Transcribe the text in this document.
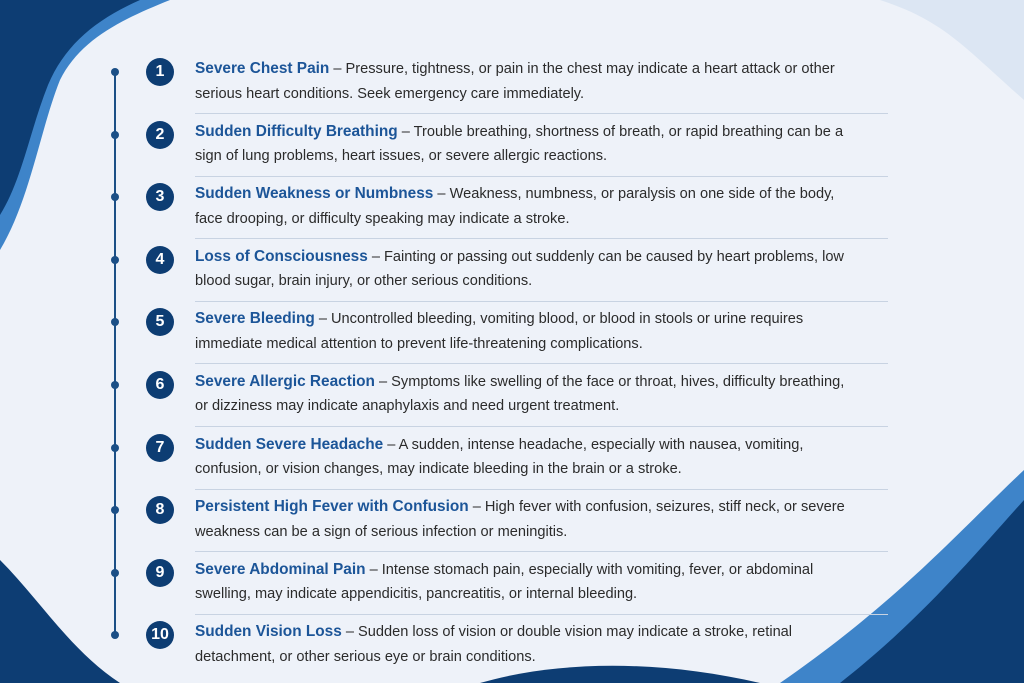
1	Severe Chest Pain – Pressure, tightness, or pain in the chest may indicate a heart attack or other serious heart conditions. Seek emergency care immediately.
2	Sudden Difficulty Breathing – Trouble breathing, shortness of breath, or rapid breathing can be a sign of lung problems, heart issues, or severe allergic reactions.
3	Sudden Weakness or Numbness – Weakness, numbness, or paralysis on one side of the body, face drooping, or difficulty speaking may indicate a stroke.
4	Loss of Consciousness – Fainting or passing out suddenly can be caused by heart problems, low blood sugar, brain injury, or other serious conditions.
5	Severe Bleeding – Uncontrolled bleeding, vomiting blood, or blood in stools or urine requires immediate medical attention to prevent life-threatening complications.
6	Severe Allergic Reaction – Symptoms like swelling of the face or throat, hives, difficulty breathing, or dizziness may indicate anaphylaxis and need urgent treatment.
7	Sudden Severe Headache – A sudden, intense headache, especially with nausea, vomiting, confusion, or vision changes, may indicate bleeding in the brain or a stroke.
8	Persistent High Fever with Confusion – High fever with confusion, seizures, stiff neck, or severe weakness can be a sign of serious infection or meningitis.
9	Severe Abdominal Pain – Intense stomach pain, especially with vomiting, fever, or abdominal swelling, may indicate appendicitis, pancreatitis, or internal bleeding.
10	Sudden Vision Loss – Sudden loss of vision or double vision may indicate a stroke, retinal detachment, or other serious eye or brain conditions.
